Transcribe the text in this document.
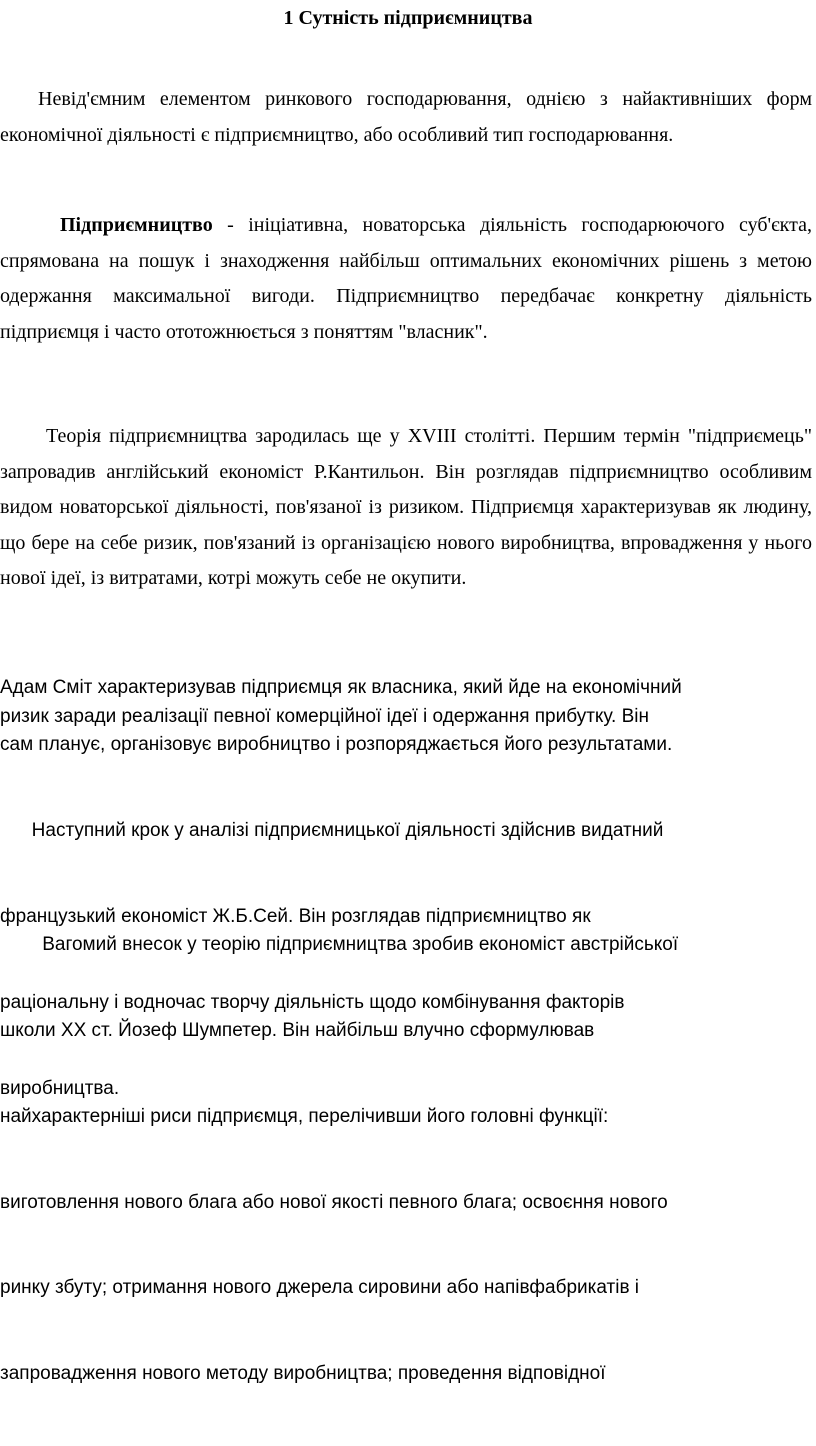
1 Сутність підприємництва

Невід'ємним елементом ринкового господарювання, однією з найактивніших форм економічної діяльності є підприємництво, або особливий тип господарювання.

Підприємництво - ініціативна, новаторська діяльність господарюючого суб'єкта, спрямована на пошук і знаходження найбільш оптимальних економічних рішень з метою одержання максимальної вигоди. Підприємництво передбачає конкретну діяльність підприємця і часто ототожнюється з поняттям "власник".

Теорія підприємництва зародилась ще у XVIII столітті. Першим термін "підприємець" запровадив англійський економіст Р.Кантильон. Він розглядав підприємництво особливим видом новаторської діяльності, пов'язаної із ризиком. Підприємця характеризував як людину, що бере на себе ризик, пов'язаний із організацією нового виробництва, впровадження у нього нової ідеї, із витратами, котрі можуть себе не окупити.

Адам Сміт характеризував підприємця як власника, який йде на економічний
ризик заради реалізації певної комерційної ідеї і одержання прибутку. Він
сам планує, організовує виробництво і розпоряджається його результатами.

Наступний крок у аналізі підприємницької діяльності здійснив видатний

французький економіст Ж.Б.Сей. Він розглядав підприємництво як

раціональну і водночас творчу діяльність щодо комбінування факторів

виробництва.

Вагомий внесок у теорію підприємництва зробив економіст австрійської

школи XX ст. Йозеф Шумпетер. Він найбільш влучно сформулював

найхарактерніші риси підприємця, перелічивши його головні функції:

виготовлення нового блага або нової якості певного блага; освоєння нового

ринку збуту; отримання нового джерела сировини або напівфабрикатів і

запровадження нового методу виробництва; проведення відповідної
